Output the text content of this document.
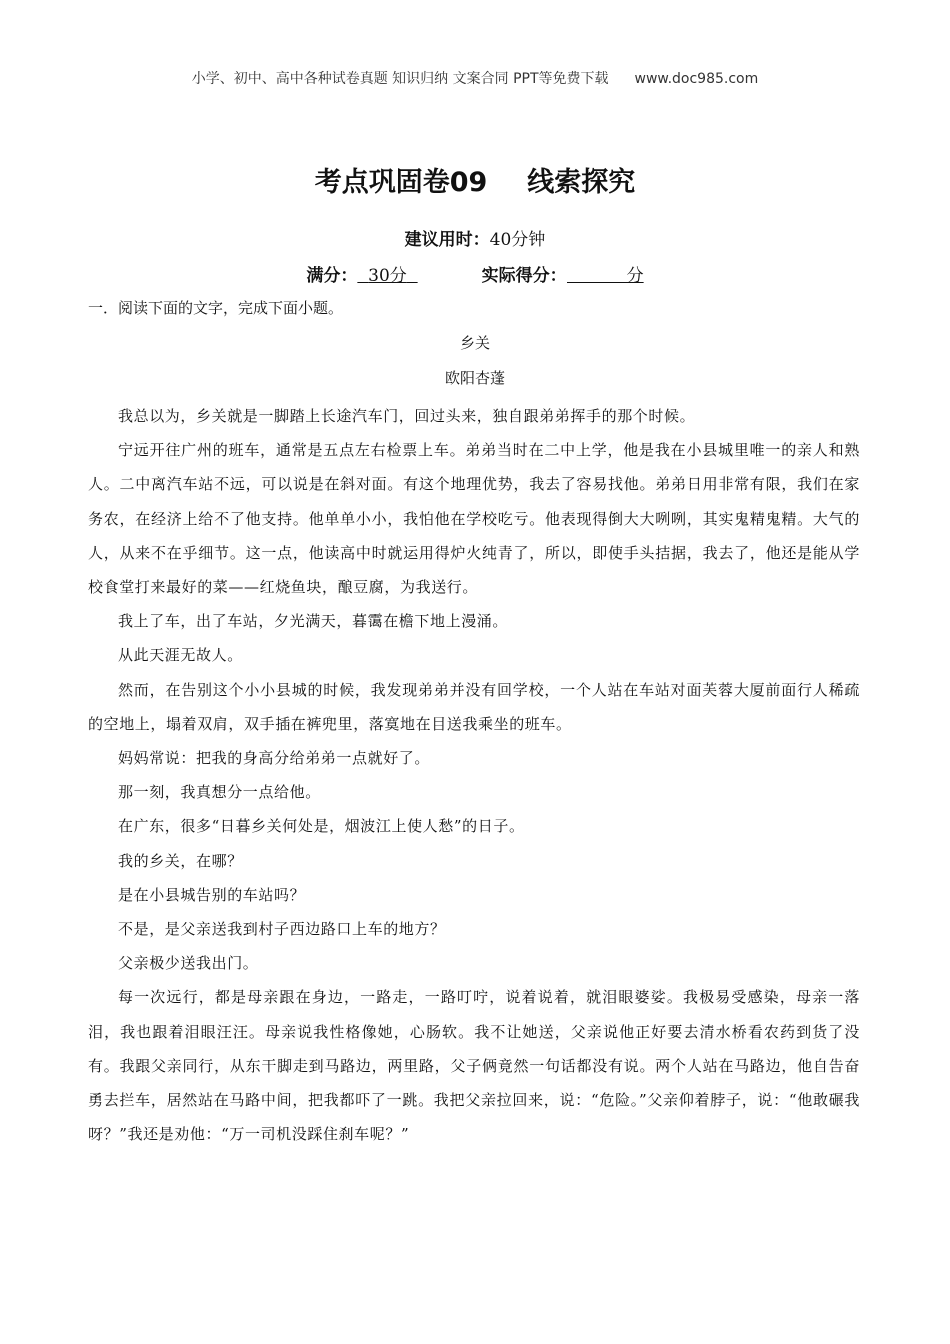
小学、初中、高中各种试卷真题 知识归纳 文案合同 PPT等免费下载 www.doc985.com
考点巩固卷09 线索探究
建议用时：40分钟
满分： 30分	实际得分：	分
一．阅读下面的文字，完成下面小题。
乡关
欧阳杏蓬

我总以为，乡关就是一脚踏上长途汽车门，回过头来，独自跟弟弟挥手的那个时候。

宁远开往广州的班车，通常是五点左右检票上车。弟弟当时在二中上学，他是我在小县城里唯一的亲人和熟人。二中离汽车站不远，可以说是在斜对面。有这个地理优势，我去了容易找他。弟弟日用非常有限，我们在家务农，在经济上给不了他支持。他单单小小，我怕他在学校吃亏。他表现得倒大大咧咧，其实鬼精鬼精。大气的人，从来不在乎细节。这一点，他读高中时就运用得炉火纯青了，所以，即使手头拮据，我去了，他还是能从学校食堂打来最好的菜——红烧鱼块，酿豆腐，为我送行。

我上了车，出了车站，夕光满天，暮霭在檐下地上漫涌。

从此天涯无故人。

然而，在告别这个小小县城的时候，我发现弟弟并没有回学校，一个人站在车站对面芙蓉大厦前面行人稀疏的空地上，塌着双肩，双手插在裤兜里，落寞地在目送我乘坐的班车。

妈妈常说：把我的身高分给弟弟一点就好了。

那一刻，我真想分一点给他。

在广东，很多“日暮乡关何处是，烟波江上使人愁”的日子。

我的乡关，在哪？

是在小县城告别的车站吗？

不是，是父亲送我到村子西边路口上车的地方？

父亲极少送我出门。

每一次远行，都是母亲跟在身边，一路走，一路叮咛，说着说着，就泪眼婆娑。我极易受感染，母亲一落泪，我也跟着泪眼汪汪。母亲说我性格像她，心肠软。我不让她送，父亲说他正好要去清水桥看农药到货了没有。我跟父亲同行，从东干脚走到马路边，两里路，父子俩竟然一句话都没有说。两个人站在马路边，他自告奋勇去拦车，居然站在马路中间，把我都吓了一跳。我把父亲拉回来，说：“危险。”父亲仰着脖子，说：“他敢碾我呀？”我还是劝他：“万一司机没踩住刹车呢？”
